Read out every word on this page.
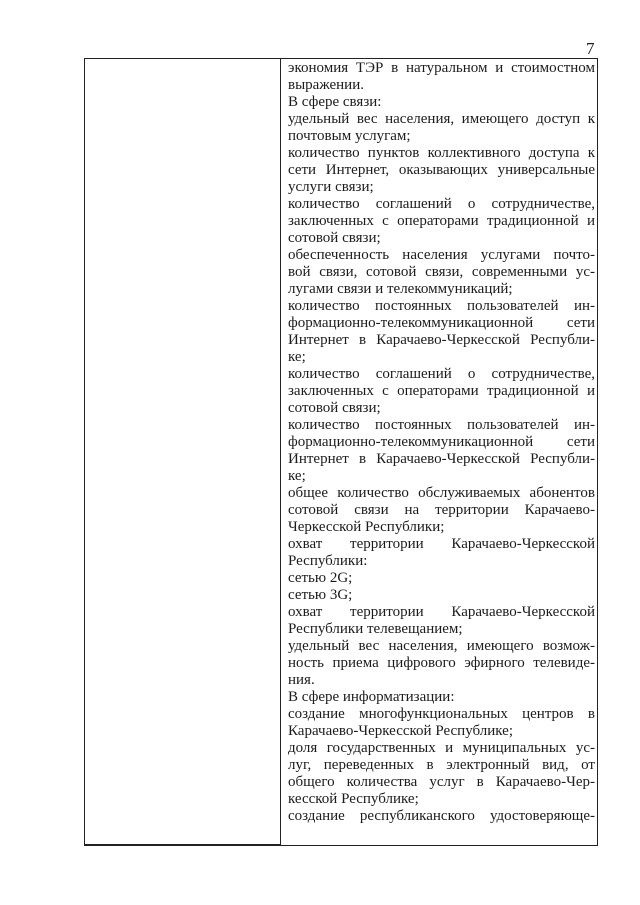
7
экономия ТЭР в натуральном и стоимостном
выражении.
В сфере связи:
удельный вес населения, имеющего доступ к
почтовым услугам;
количество пунктов коллективного доступа к
сети Интернет, оказывающих универсальные
услуги связи;
количество соглашений о сотрудничестве,
заключенных с операторами традиционной и
сотовой связи;
обеспеченность населения услугами почто-
вой связи, сотовой связи, современными ус-
лугами связи и телекоммуникаций;
количество постоянных пользователей ин-
формационно-телекоммуникационной сети
Интернет в Карачаево-Черкесской Республи-
ке;
количество соглашений о сотрудничестве,
заключенных с операторами традиционной и
сотовой связи;
количество постоянных пользователей ин-
формационно-телекоммуникационной сети
Интернет в Карачаево-Черкесской Республи-
ке;
общее количество обслуживаемых абонентов
сотовой связи на территории Карачаево-
Черкесской Республики;
охват территории Карачаево-Черкесской
Республики:
сетью 2G;
сетью 3G;
охват территории Карачаево-Черкесской
Республики телевещанием;
удельный вес населения, имеющего возмож-
ность приема цифрового эфирного телевиде-
ния.
В сфере информатизации:
создание многофункциональных центров в
Карачаево-Черкесской Республике;
доля государственных и муниципальных ус-
луг, переведенных в электронный вид, от
общего количества услуг в Карачаево-Чер-
кесской Республике;
создание республиканского удостоверяюще-
